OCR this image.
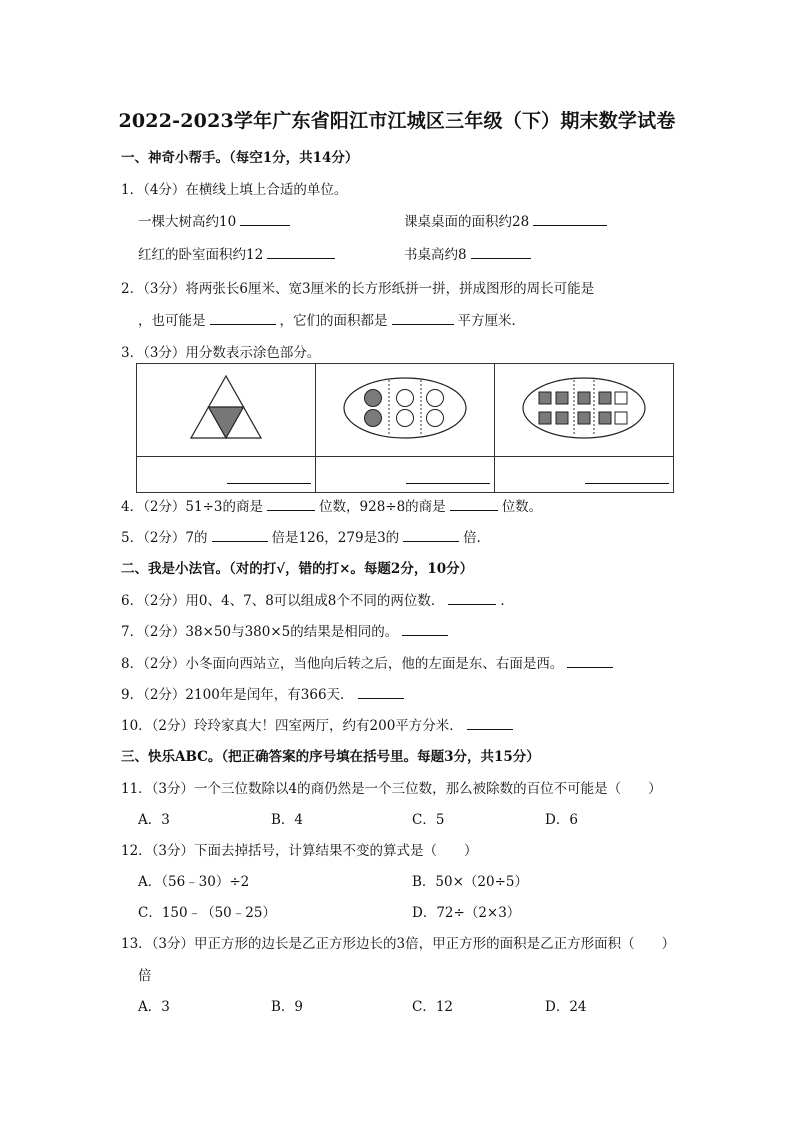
2022-2023学年广东省阳江市江城区三年级（下）期末数学试卷
一、神奇小帮手。（每空1分，共14分）
1．（4分）在横线上填上合适的单位。
一棵大树高约10	课桌桌面的面积约28
红红的卧室面积约12	书桌高约8
2．（3分）将两张长6厘米、宽3厘米的长方形纸拼一拼，拼成图形的周长可能是
，也可能是	，它们的面积都是	平方厘米．
3．（3分）用分数表示涂色部分。

4．（2分）51÷3的商是	位数，928÷8的商是	位数。
5．（2分）7的	倍是126，279是3的	倍．
二、我是小法官。（对的打√，错的打×。每题2分，10分）
6．（2分）用0、4、7、8可以组成8个不同的两位数．	．
7．（2分）38×50与380×5的结果是相同的。
8．（2分）小冬面向西站立，当他向后转之后，他的左面是东、右面是西。
9．（2分）2100年是闰年，有366天．
10．（2分）玲玲家真大！四室两厅，约有200平方分米．
三、快乐ABC。（把正确答案的序号填在括号里。每题3分，共15分）
11．（3分）一个三位数除以4的商仍然是一个三位数，那么被除数的百位不可能是（　　）
A．3	B．4	C．5	D．6
12．（3分）下面去掉括号，计算结果不变的算式是（　　）
A．（56﹣30）÷2	B．50×（20÷5）
C．150﹣（50﹣25）	D．72÷（2×3）
13．（3分）甲正方形的边长是乙正方形边长的3倍，甲正方形的面积是乙正方形面积（　　）
倍
A．3	B．9	C．12	D．24
